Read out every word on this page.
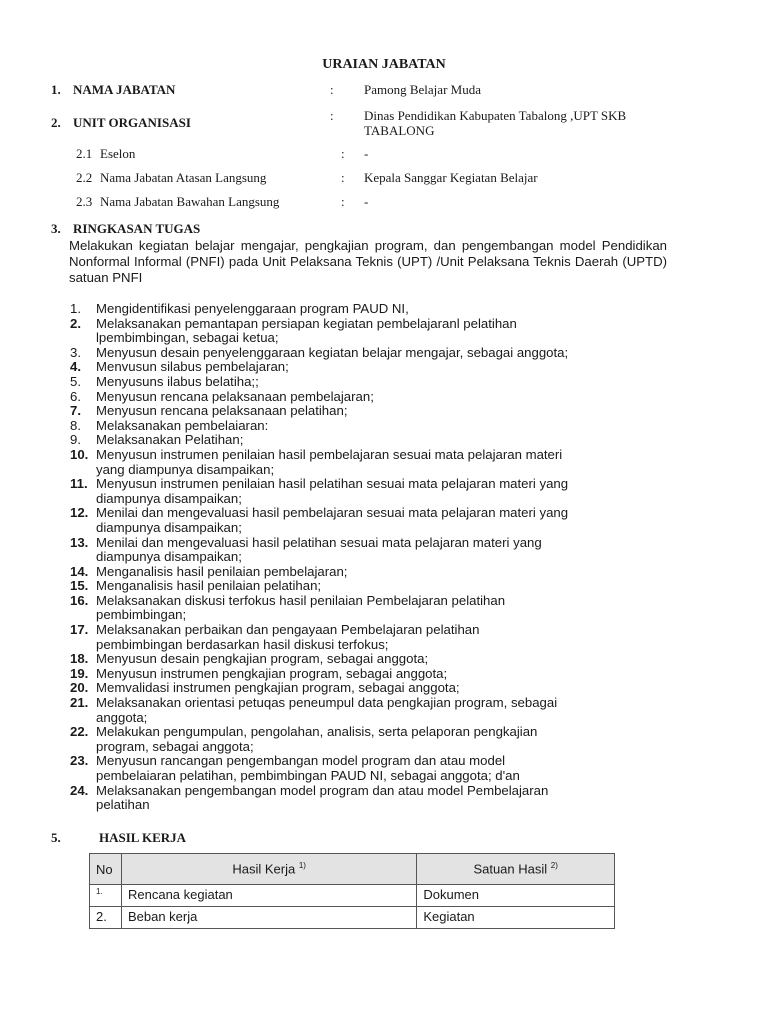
URAIAN JABATAN
1. NAMA JABATAN	: Pamong Belajar Muda
2. UNIT ORGANISASI	: Dinas Pendidikan Kabupaten Tabalong ,UPT SKB TABALONG
2.1 Eselon	: -
2.2 Nama Jabatan Atasan Langsung	: Kepala Sanggar Kegiatan Belajar
2.3 Nama Jabatan Bawahan Langsung	: -
3. RINGKASAN TUGAS
Melakukan kegiatan belajar mengajar, pengkajian program, dan pengembangan model Pendidikan Nonformal Informal (PNFI) pada Unit Pelaksana Teknis (UPT) /Unit Pelaksana Teknis Daerah (UPTD) satuan PNFI
1.	Mengidentifikasi penyelenggaraan program PAUD NI,
2.	Melaksanakan pemantapan persiapan kegiatan pembelajaranl pelatihan
lpembimbingan, sebagai ketua;
3.	Menyusun desain penyelenggaraan kegiatan belajar mengajar, sebagai anggota;
4.	Menvusun silabus pembelajaran;
5.	Menyusuns ilabus belatiha;;
6.	Menyusun rencana pelaksanaan pembelajaran;
7.	Menyusun rencana pelaksanaan pelatihan;
8.	Melaksanakan pembelaiaran:
9.	Melaksanakan Pelatihan;
10. Menyusun instrumen penilaian hasil pembelajaran sesuai mata pelajaran materi
yang diampunya disampaikan;
11. Menyusun instrumen penilaian hasil pelatihan sesuai mata pelajaran materi yang
diampunya disampaikan;
12. Menilai dan mengevaluasi hasil pembelajaran sesuai mata pelajaran materi yang
diampunya disampaikan;
13. Menilai dan mengevaluasi hasil pelatihan sesuai mata pelajaran materi yang
diampunya disampaikan;
14. Menganalisis hasil penilaian pembelajaran;
15. Menganalisis hasil penilaian pelatihan;
16. Melaksanakan diskusi terfokus hasil penilaian Pembelajaran pelatihan
pembimbingan;
17. Melaksanakan perbaikan dan pengayaan Pembelajaran pelatihan
pembimbingan berdasarkan hasil diskusi terfokus;
18. Menyusun desain pengkajian program, sebagai anggota;
19. Menyusun instrumen pengkajian program, sebagai anggota;
20. Memvalidasi instrumen pengkajian program, sebagai anggota;
21. Melaksanakan orientasi petuqas peneumpul data pengkajian program, sebagai
anggota;
22. Melakukan pengumpulan, pengolahan, analisis, serta pelaporan pengkajian
program, sebagai anggota;
23. Menyusun rancangan pengembangan model program dan atau model
pembelaiaran pelatihan, pembimbingan PAUD NI, sebagai anggota; d'an
24. Melaksanakan pengembangan model program dan atau model Pembelajaran
pelatihan
5.	HASIL KERJA
No	Hasil Kerja $^{1)}$	Satuan Hasil $^{2)}$
$^{1.}$	Rencana kegiatan	Dokumen
2.	Beban kerja	Kegiatan
